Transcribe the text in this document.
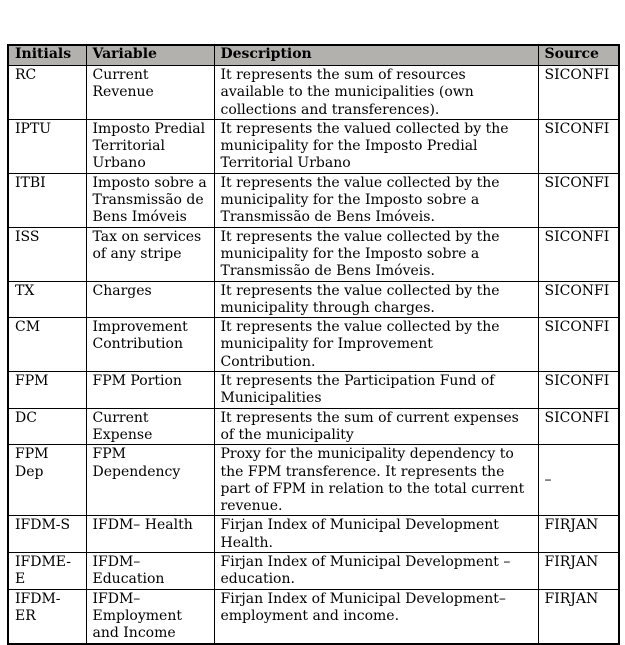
Initials	Variable	Description	Source
RC	Current Revenue	It represents the sum of resources available to the municipalities (own collections and transferences).	SICONFI
IPTU	Imposto Predial Territorial Urbano	It represents the valued collected by the municipality for the Imposto Predial Territorial Urbano	SICONFI
ITBI	Imposto sobre a Transmissão de Bens Imóveis	It represents the value collected by the municipality for the Imposto sobre a Transmissão de Bens Imóveis.	SICONFI
ISS	Tax on services of any stripe	It represents the value collected by the municipality for the Imposto sobre a Transmissão de Bens Imóveis.	SICONFI
TX	Charges	It represents the value collected by the municipality through charges.	SICONFI
CM	Improvement Contribution	It represents the value collected by the municipality for Improvement Contribution.	SICONFI
FPM	FPM Portion	It represents the Participation Fund of Municipalities	SICONFI
DC	Current Expense	It represents the sum of current expenses of the municipality	SICONFI
FPM Dep	FPM Dependency	Proxy for the municipality dependency to the FPM transference. It represents the part of FPM in relation to the total current revenue.	–
IFDM-S	IFDM– Health	Firjan Index of Municipal Development Health.	FIRJAN
IFDME-E	IFDM– Education	Firjan Index of Municipal Development – education.	FIRJAN
IFDM-ER	IFDM–Employment and Income	Firjan Index of Municipal Development–employment and income.	FIRJAN
